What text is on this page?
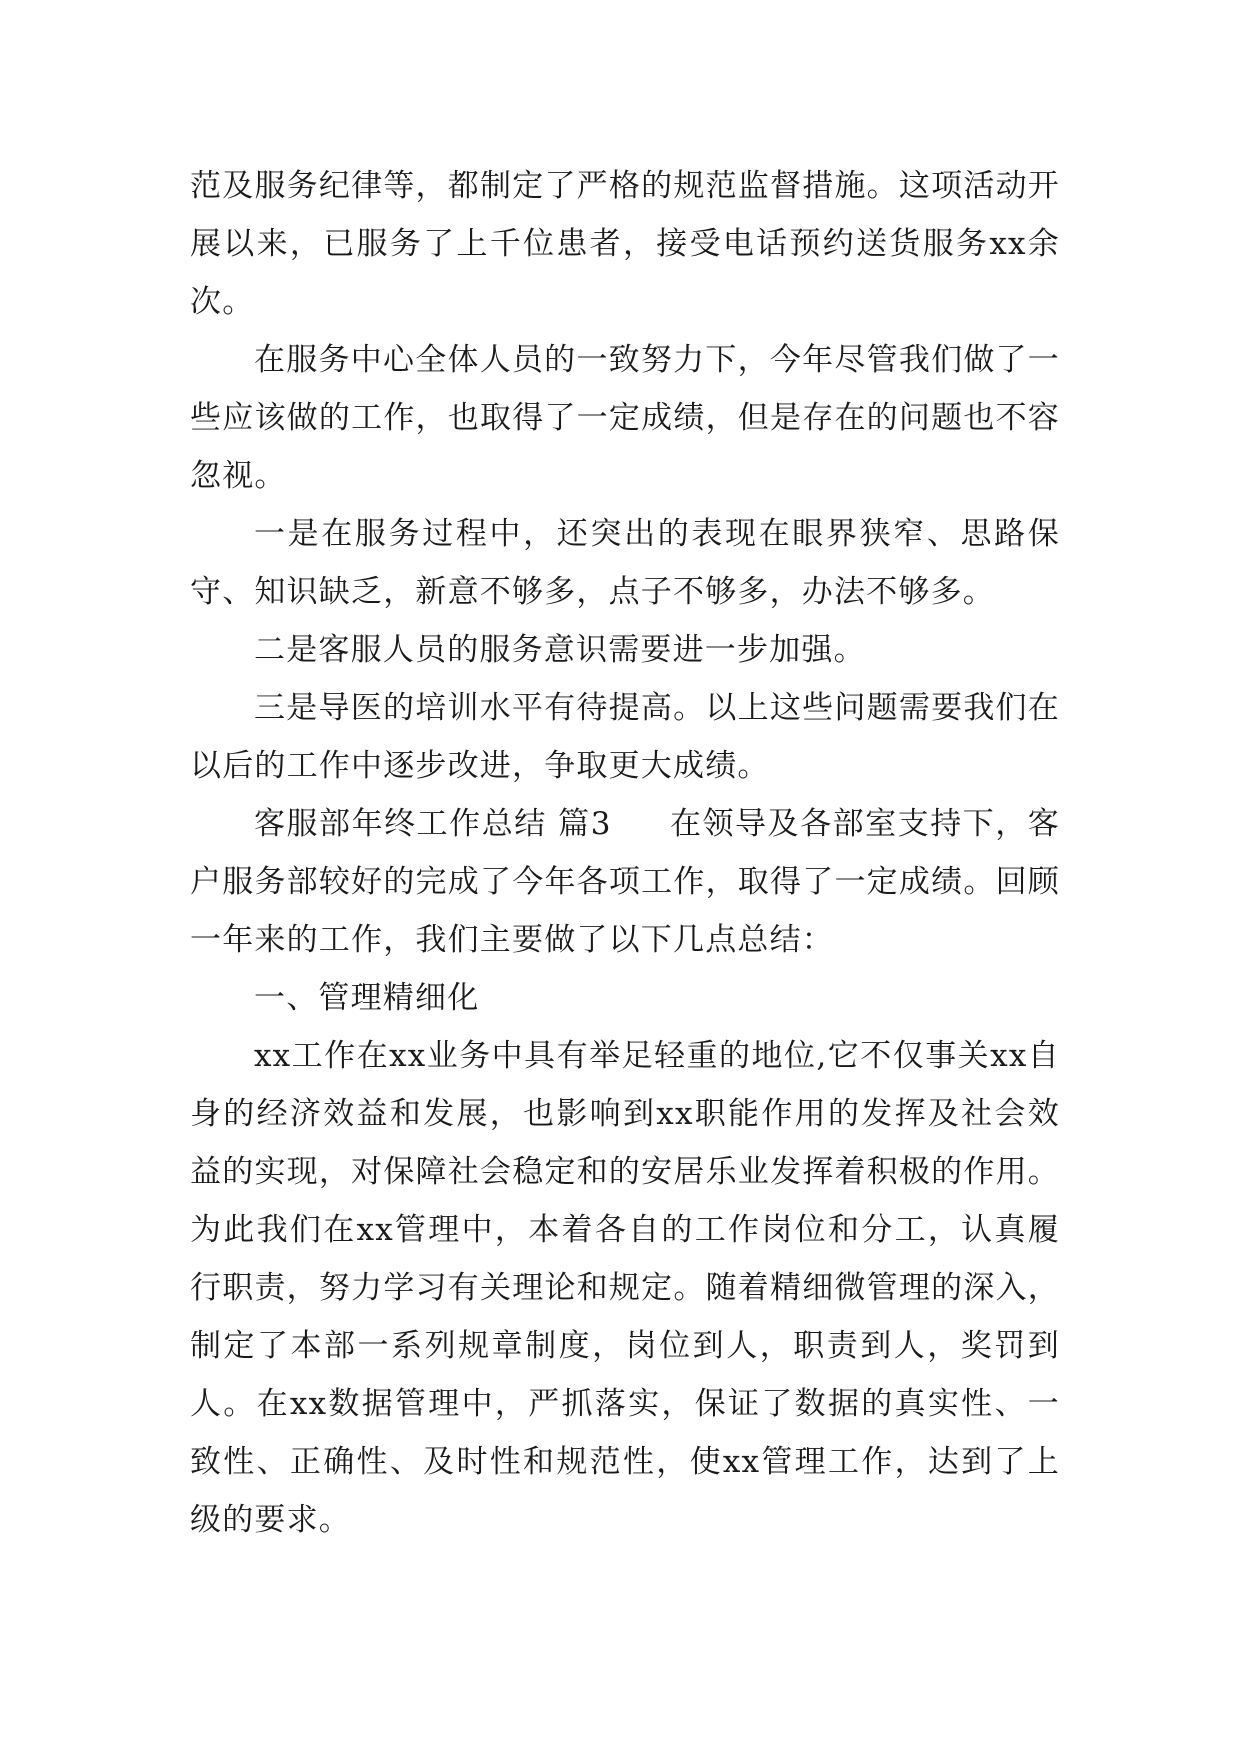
范及服务纪律等，都制定了严格的规范监督措施。这项活动开展以来，已服务了上千位患者，接受电话预约送货服务xx余次。

在服务中心全体人员的一致努力下，今年尽管我们做了一些应该做的工作，也取得了一定成绩，但是存在的问题也不容忽视。

一是在服务过程中，还突出的表现在眼界狭窄、思路保守、知识缺乏，新意不够多，点子不够多，办法不够多。

二是客服人员的服务意识需要进一步加强。

三是导医的培训水平有待提高。以上这些问题需要我们在以后的工作中逐步改进，争取更大成绩。

客服部年终工作总结 篇3 在领导及各部室支持下，客户服务部较好的完成了今年各项工作，取得了一定成绩。回顾一年来的工作，我们主要做了以下几点总结：

一、管理精细化

xx工作在xx业务中具有举足轻重的地位,它不仅事关xx自身的经济效益和发展，也影响到xx职能作用的发挥及社会效益的实现，对保障社会稳定和的安居乐业发挥着积极的作用。为此我们在xx管理中，本着各自的工作岗位和分工，认真履行职责，努力学习有关理论和规定。随着精细微管理的深入，制定了本部一系列规章制度，岗位到人，职责到人，奖罚到人。在xx数据管理中，严抓落实，保证了数据的真实性、一致性、正确性、及时性和规范性，使xx管理工作，达到了上级的要求。
